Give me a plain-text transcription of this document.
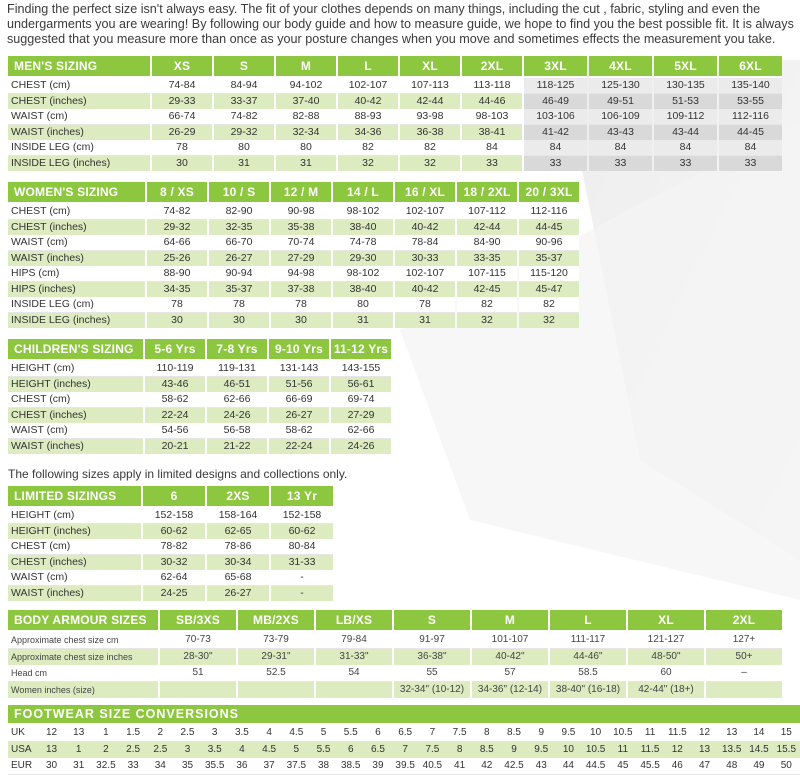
Finding the perfect size isn't always easy. The fit of your clothes depends on many things, including the cut , fabric, styling and even the undergarments you are wearing! By following our body guide and how to measure guide, we hope to find you the best possible fit. It is always suggested that you measure more than once as your posture changes when you move and sometimes effects the measurement you take.
MEN'S SIZING	XS	S	M	L	XL	2XL	3XL	4XL	5XL	6XL
CHEST (cm)	74-84	84-94	94-102	102-107	107-113	113-118	118-125	125-130	130-135	135-140
CHEST (inches)	29-33	33-37	37-40	40-42	42-44	44-46	46-49	49-51	51-53	53-55
WAIST (cm)	66-74	74-82	82-88	88-93	93-98	98-103	103-106	106-109	109-112	112-116
WAIST (inches)	26-29	29-32	32-34	34-36	36-38	38-41	41-42	43-43	43-44	44-45
INSIDE LEG (cm)	78	80	80	82	82	84	84	84	84	84
INSIDE LEG (inches)	30	31	31	32	32	33	33	33	33	33
WOMEN'S SIZING	8 / XS	10 / S	12 / M	14 / L	16 / XL	18 / 2XL	20 / 3XL
CHEST (cm)	74-82	82-90	90-98	98-102	102-107	107-112	112-116
CHEST (inches)	29-32	32-35	35-38	38-40	40-42	42-44	44-45
WAIST (cm)	64-66	66-70	70-74	74-78	78-84	84-90	90-96
WAIST (inches)	25-26	26-27	27-29	29-30	30-33	33-35	35-37
HIPS (cm)	88-90	90-94	94-98	98-102	102-107	107-115	115-120
HIPS (inches)	34-35	35-37	37-38	38-40	40-42	42-45	45-47
INSIDE LEG (cm)	78	78	78	80	78	82	82
INSIDE LEG (inches)	30	30	30	31	31	32	32
CHILDREN'S SIZING	5-6 Yrs	7-8 Yrs	9-10 Yrs	11-12 Yrs
HEIGHT (cm)	110-119	119-131	131-143	143-155
HEIGHT (inches)	43-46	46-51	51-56	56-61
CHEST (cm)	58-62	62-66	66-69	69-74
CHEST (inches)	22-24	24-26	26-27	27-29
WAIST (cm)	54-56	56-58	58-62	62-66
WAIST (inches)	20-21	21-22	22-24	24-26
The following sizes apply in limited designs and collections only.
LIMITED SIZINGS	6	2XS	13 Yr
HEIGHT (cm)	152-158	158-164	152-158
HEIGHT (inches)	60-62	62-65	60-62
CHEST (cm)	78-82	78-86	80-84
CHEST (inches)	30-32	30-34	31-33
WAIST (cm)	62-64	65-68	-
WAIST (inches)	24-25	26-27	-
BODY ARMOUR SIZES	SB/3XS	MB/2XS	LB/XS	S	M	L	XL	2XL
Approximate chest size cm	70-73	73-79	79-84	91-97	101-107	111-117	121-127	127+
Approximate chest size inches	28-30"	29-31"	31-33"	36-38"	40-42"	44-46"	48-50"	50+
Head cm	51	52.5	54	55	57	58.5	60	–
Women inches (size)				32-34" (10-12)	34-36" (12-14)	38-40" (16-18)	42-44" (18+)	
FOOTWEAR SIZE CONVERSIONS																												
UK	12	13	1	1.5	2	2.5	3	3.5	4	4.5	5	5.5	6	6.5	7	7.5	8	8.5	9	9.5	10	10.5	11	11.5	12	13	14	15
USA	13	1	2	2.5	2.5	3	3.5	4	4.5	5	5.5	6	6.5	7	7.5	8	8.5	9	9.5	10	10.5	11	11.5	12	13	13.5	14.5	15.5
EUR	30	31	32.5	33	34	35	35.5	36	37	37.5	38	38.5	39	39.5	40.5	41	42	42.5	43	44	44.5	45	45.5	46	47	48	49	50
